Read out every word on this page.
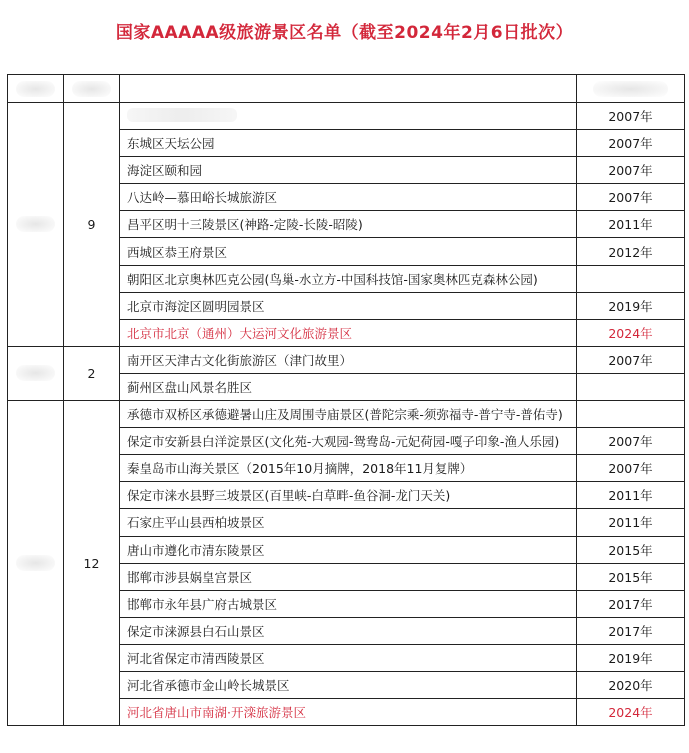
国家AAAAA级旅游景区名单（截至2024年2月6日批次）

	9		2007年
		东城区天坛公园	2007年
		海淀区颐和园	2007年
		八达岭—慕田峪长城旅游区	2007年
		昌平区明十三陵景区(神路-定陵-长陵-昭陵)	2011年
		西城区恭王府景区	2012年
		朝阳区北京奥林匹克公园(鸟巢-水立方-中国科技馆-国家奥林匹克森林公园)	
		北京市海淀区圆明园景区	2019年
		北京市北京（通州）大运河文化旅游景区	2024年

	2	南开区天津古文化街旅游区（津门故里）	2007年
		蓟州区盘山风景名胜区	

	12	承德市双桥区承德避暑山庄及周围寺庙景区(普陀宗乘-须弥福寺-普宁寺-普佑寺)	
		保定市安新县白洋淀景区(文化苑-大观园-鸳鸯岛-元妃荷园-嘎子印象-渔人乐园)	2007年
		秦皇岛市山海关景区（2015年10月摘牌，2018年11月复牌）	2007年
		保定市涞水县野三坡景区(百里峡-白草畔-鱼谷洞-龙门天关)	2011年
		石家庄平山县西柏坡景区	2011年
		唐山市遵化市清东陵景区	2015年
		邯郸市涉县娲皇宫景区	2015年
		邯郸市永年县广府古城景区	2017年
		保定市涞源县白石山景区	2017年
		河北省保定市清西陵景区	2019年
		河北省承德市金山岭长城景区	2020年
		河北省唐山市南湖·开滦旅游景区	2024年
